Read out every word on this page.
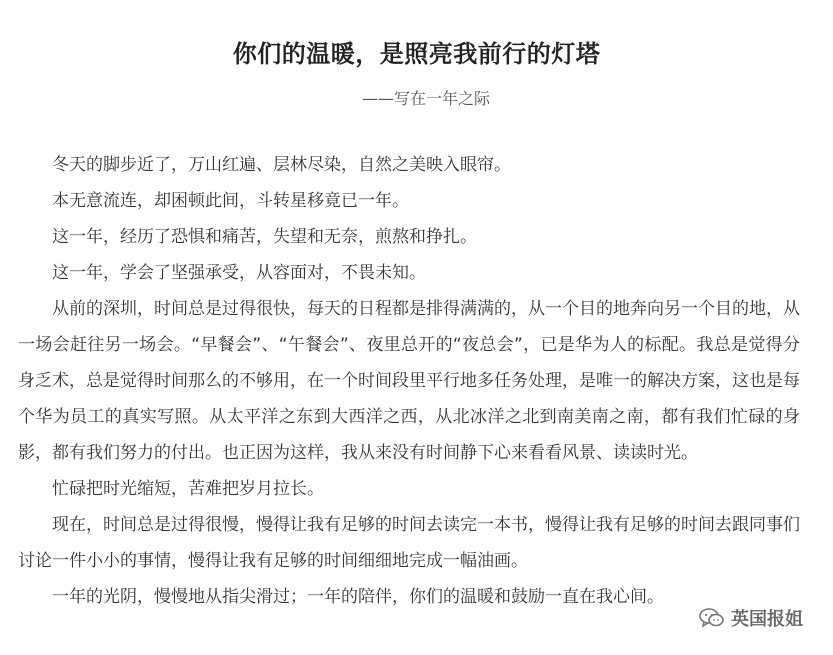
你们的温暖，是照亮我前行的灯塔
——写在一年之际

冬天的脚步近了，万山红遍、层林尽染，自然之美映入眼帘。

本无意流连，却困顿此间，斗转星移竟已一年。

这一年，经历了恐惧和痛苦，失望和无奈，煎熬和挣扎。

这一年，学会了坚强承受，从容面对，不畏未知。

从前的深圳，时间总是过得很快，每天的日程都是排得满满的，从一个目的地奔向另一个目的地，从一场会赶往另一场会。“早餐会”、“午餐会”、夜里总开的“夜总会”，已是华为人的标配。我总是觉得分身乏术，总是觉得时间那么的不够用，在一个时间段里平行地多任务处理，是唯一的解决方案，这也是每个华为员工的真实写照。从太平洋之东到大西洋之西，从北冰洋之北到南美南之南，都有我们忙碌的身影，都有我们努力的付出。也正因为这样，我从来没有时间静下心来看看风景、读读时光。

忙碌把时光缩短，苦难把岁月拉长。

现在，时间总是过得很慢，慢得让我有足够的时间去读完一本书，慢得让我有足够的时间去跟同事们讨论一件小小的事情，慢得让我有足够的时间细细地完成一幅油画。

一年的光阴，慢慢地从指尖滑过；一年的陪伴，你们的温暖和鼓励一直在我心间。

英国报姐
